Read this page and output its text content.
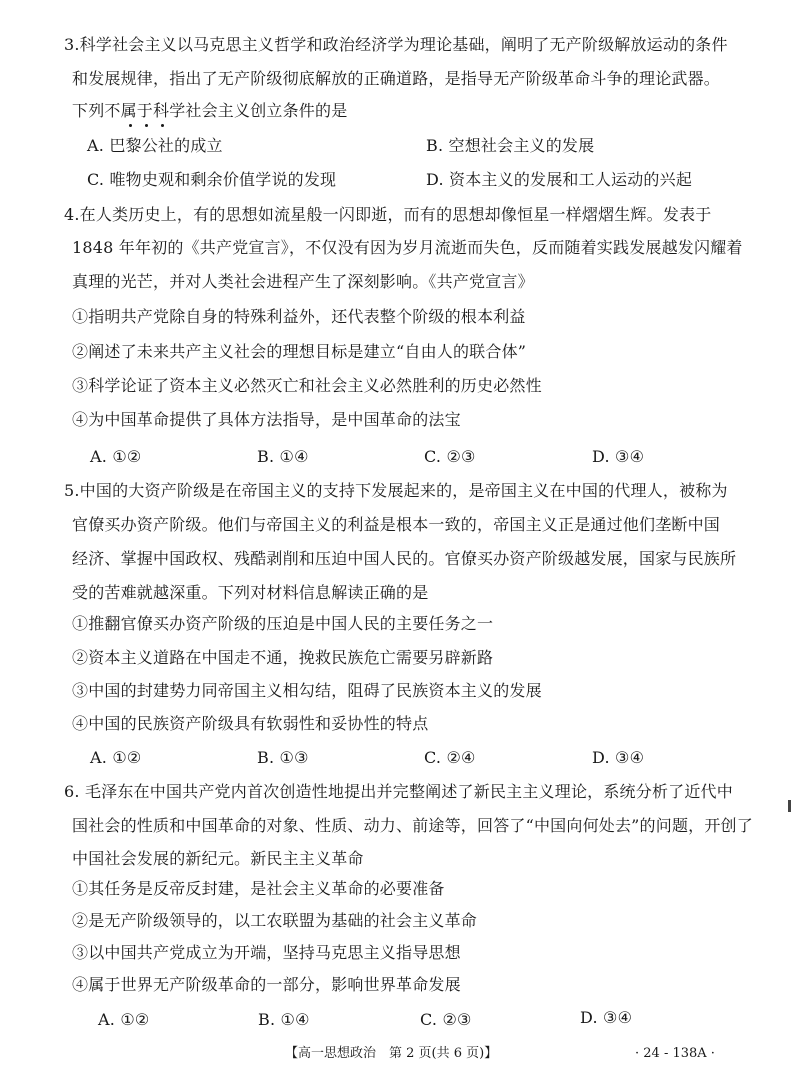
3.科学社会主义以马克思主义哲学和政治经济学为理论基础，阐明了无产阶级解放运动的条件
和发展规律，指出了无产阶级彻底解放的正确道路，是指导无产阶级革命斗争的理论武器。
下列不属于科学社会主义创立条件的是
A. 巴黎公社的成立	B. 空想社会主义的发展
C. 唯物史观和剩余价值学说的发现	D. 资本主义的发展和工人运动的兴起
4.在人类历史上，有的思想如流星般一闪即逝，而有的思想却像恒星一样熠熠生辉。发表于
1848 年年初的《共产党宣言》，不仅没有因为岁月流逝而失色，反而随着实践发展越发闪耀着
真理的光芒，并对人类社会进程产生了深刻影响。《共产党宣言》
①指明共产党除自身的特殊利益外，还代表整个阶级的根本利益
②阐述了未来共产主义社会的理想目标是建立“自由人的联合体”
③科学论证了资本主义必然灭亡和社会主义必然胜利的历史必然性
④为中国革命提供了具体方法指导，是中国革命的法宝
A. ①②	B. ①④	C. ②③	D. ③④
5.中国的大资产阶级是在帝国主义的支持下发展起来的，是帝国主义在中国的代理人，被称为
官僚买办资产阶级。他们与帝国主义的利益是根本一致的，帝国主义正是通过他们垄断中国
经济、掌握中国政权、残酷剥削和压迫中国人民的。官僚买办资产阶级越发展，国家与民族所
受的苦难就越深重。下列对材料信息解读正确的是
①推翻官僚买办资产阶级的压迫是中国人民的主要任务之一
②资本主义道路在中国走不通，挽救民族危亡需要另辟新路
③中国的封建势力同帝国主义相勾结，阻碍了民族资本主义的发展
④中国的民族资产阶级具有软弱性和妥协性的特点
A. ①②	B. ①③	C. ②④	D. ③④
6. 毛泽东在中国共产党内首次创造性地提出并完整阐述了新民主主义理论，系统分析了近代中
国社会的性质和中国革命的对象、性质、动力、前途等，回答了“中国向何处去”的问题，开创了
中国社会发展的新纪元。新民主主义革命
①其任务是反帝反封建，是社会主义革命的必要准备
②是无产阶级领导的，以工农联盟为基础的社会主义革命
③以中国共产党成立为开端，坚持马克思主义指导思想
④属于世界无产阶级革命的一部分，影响世界革命发展
A. ①②	B. ①④	C. ②③	D. ③④
【高一思想政治　第 2 页(共 6 页)】	· 24 - 138A ·
